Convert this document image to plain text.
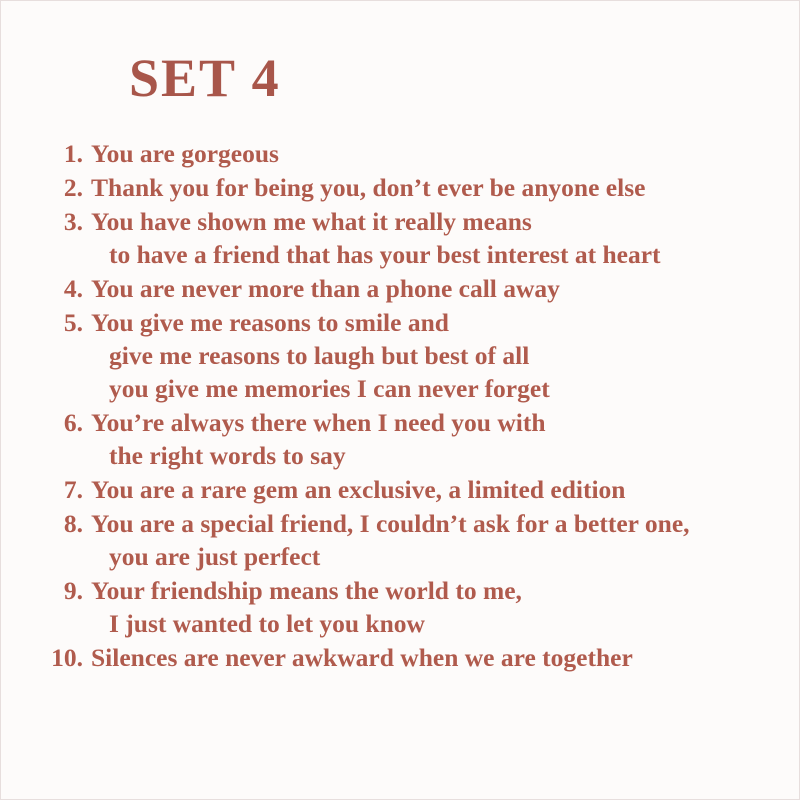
SET 4
1. You are gorgeous
2. Thank you for being you, don’t ever be anyone else
3. You have shown me what it really means
to have a friend that has your best interest at heart
4. You are never more than a phone call away
5. You give me reasons to smile and
give me reasons to laugh but best of all
you give me memories I can never forget
6. You’re always there when I need you with
the right words to say
7. You are a rare gem an exclusive, a limited edition
8. You are a special friend, I couldn’t ask for a better one,
you are just perfect
9. Your friendship means the world to me,
I just wanted to let you know
10. Silences are never awkward when we are together
